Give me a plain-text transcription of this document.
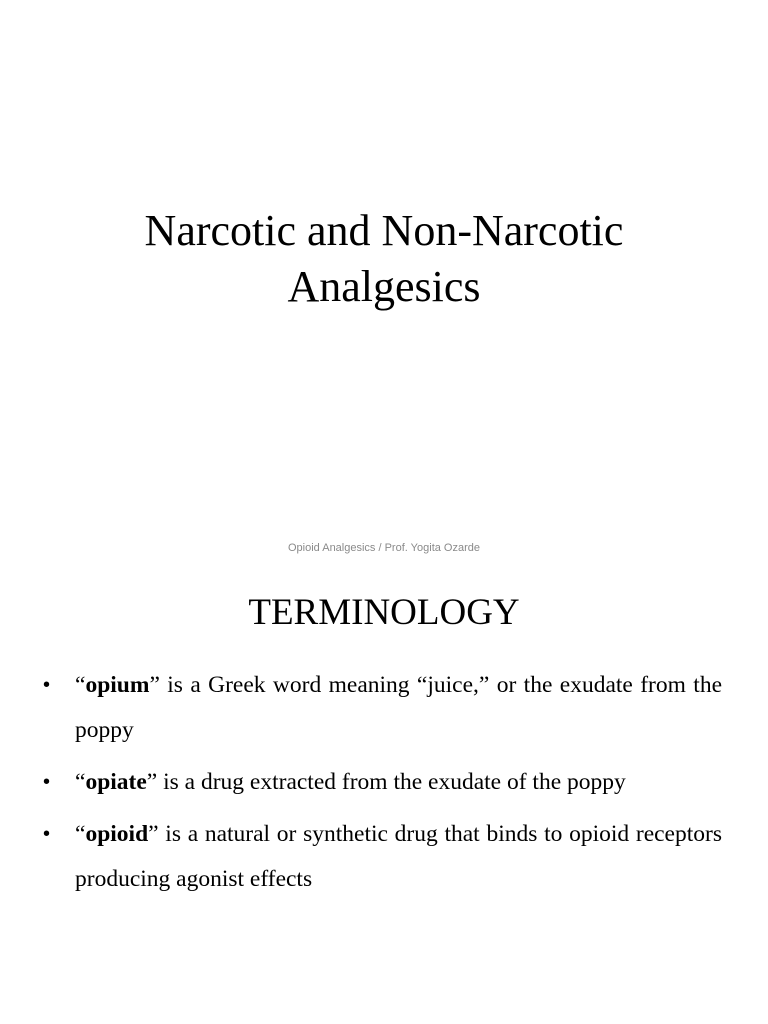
Narcotic and Non-Narcotic
Analgesics
Opioid Analgesics / Prof. Yogita Ozarde
TERMINOLOGY
• “opium” is a Greek word meaning “juice,” or the exudate from the poppy
• “opiate” is a drug extracted from the exudate of the poppy
• “opioid” is a natural or synthetic drug that binds to opioid receptors producing agonist effects
